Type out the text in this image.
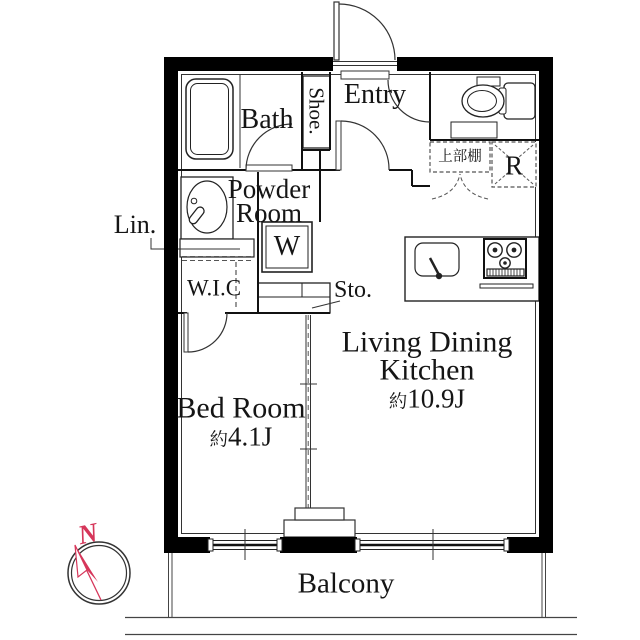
Bath Shoe. Entry
上部棚 R
Powder
Room
Lin.
W
W.I.C	Sto.
Living Dining
Kitchen
約10.9J
Bed Room
約4.1J
Balcony
N
